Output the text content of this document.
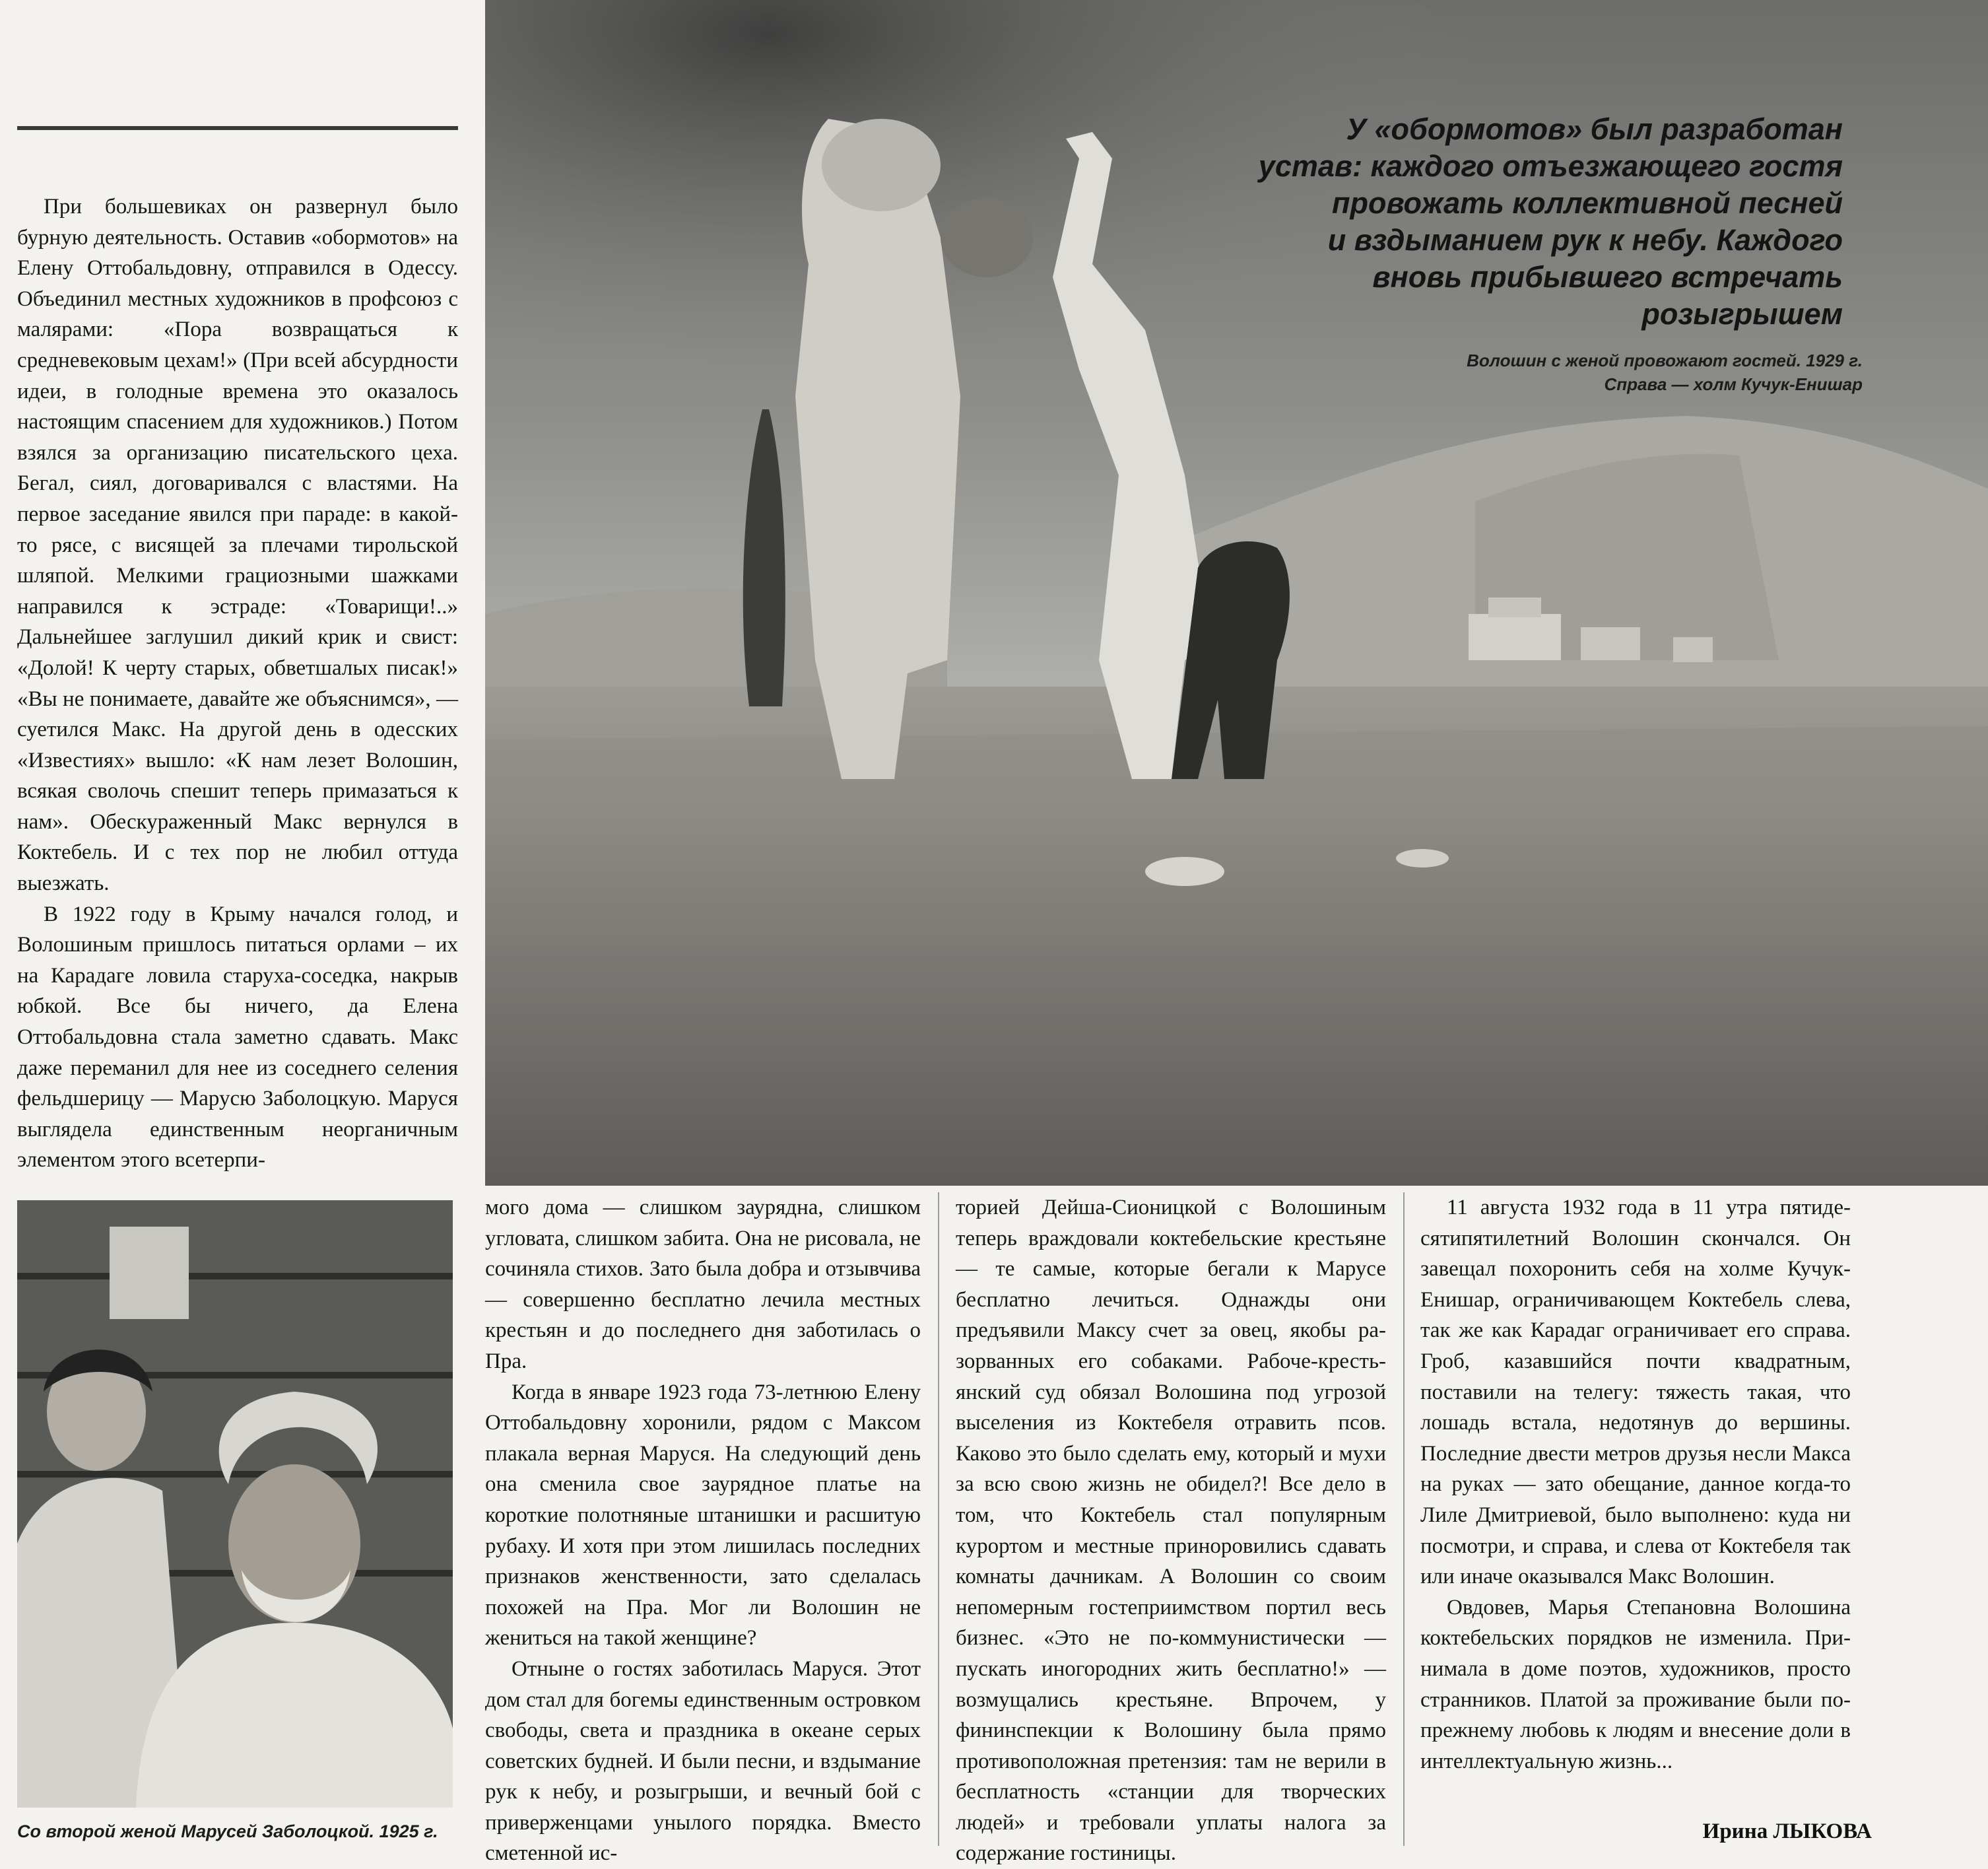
При большевиках он развернул было бурную деятельность. Оставив «обормотов» на Елену Оттобальдовну, отправился в Одессу. Объединил местных художников в профсоюз с малярами: «Пора возвращаться к средневековым цехам!» (При всей абсурдности идеи, в голодные времена это оказалось настоящим спасением для художников.) Потом взялся за организацию писательского цеха. Бегал, сиял, договаривался с властями. На первое заседание явился при параде: в какой-то рясе, с висящей за плечами тирольской шляпой. Мелкими грациозными шажками направился к эстраде: «Товарищи!..» Дальнейшее заглушил дикий крик и свист: «Долой! К черту старых, обветшалых писак!» «Вы не понимаете, давайте же объяснимся», — суетился Макс. На другой день в одесских «Известиях» вышло: «К нам лезет Волошин, всякая сволочь спешит теперь примазаться к нам». Обескураженный Макс вернулся в Коктебель. И с тех пор не любил оттуда выезжать.

В 1922 году в Крыму начался голод, и Волошиным пришлось питаться орлами – их на Карадаге ловила старуха-соседка, накрыв юбкой. Все бы ничего, да Елена Оттобальдовна стала заметно сдавать. Макс даже переманил для нее из соседнего селения фельдшерицу — Марусю Заболоцкую. Маруся выглядела единственным неорганичным элементом этого всетерпи-

У «обормотов» был разработан
устав: каждого отъезжающего гостя
провожать коллективной песней
и вздыманием рук к небу. Каждого
вновь прибывшего встречать
розыгрышем
Волошин с женой провожают гостей. 1929 г.
Справа — холм Кучук-Енишар
Со второй женой Марусей Заболоцкой. 1925 г.

мого дома — слишком заурядна, слишком угловата, слишком забита. Она не рисовала, не сочиняла стихов. Зато была добра и отзывчива — совершенно бесплатно лечила местных крестьян и до последнего дня заботилась о Пра.

Когда в январе 1923 года 73-летнюю Елену Оттобальдовну хоронили, рядом с Максом плакала верная Маруся. На следующий день она сменила свое заурядное платье на короткие полотняные штанишки и расшитую рубаху. И хотя при этом лишилась последних признаков женственности, зато сделалась похожей на Пра. Мог ли Волошин не жениться на такой женщине?

Отныне о гостях заботилась Маруся. Этот дом стал для богемы единственным островком свободы, света и праздника в океане серых советских будней. И были песни, и вздымание рук к небу, и розыгрыши, и вечный бой с приверженцами унылого порядка. Вместо сметенной ис-

торией Дейша-Сионицкой с Волошиным теперь враждовали коктебельские крестьяне — те самые, которые бегали к Марусе бесплатно лечиться. Однажды они предъявили Максу счет за овец, якобы разорванных его собаками. Рабоче-крестьянский суд обязал Волошина под угрозой выселения из Коктебеля отравить псов. Каково это было сделать ему, который и мухи за всю свою жизнь не обидел?! Все дело в том, что Коктебель стал популярным курортом и местные приноровились сдавать комнаты дачникам. А Волошин со своим непомерным гостеприимством портил весь бизнес. «Это не по-коммунистически — пускать иногородних жить бесплатно!» — возмущались крестьяне. Впрочем, у фининспекции к Волошину была прямо противоположная претензия: там не верили в бесплатность «станции для творческих людей» и требовали уплаты налога за содержание гостиницы.

11 августа 1932 года в 11 утра пятидесятипятилетний Волошин скончался. Он завещал похоронить себя на холме Кучук-Енишар, ограничивающем Коктебель слева, так же как Карадаг ограничивает его справа. Гроб, казавшийся почти квадратным, поставили на телегу: тяжесть такая, что лошадь встала, недотянув до вершины. Последние двести метров друзья несли Макса на руках — зато обещание, данное когда-то Лиле Дмитриевой, было выполнено: куда ни посмотри, и справа, и слева от Коктебеля так или иначе оказывался Макс Волошин.

Овдовев, Марья Степановна Волошина коктебельских порядков не изменила. Принимала в доме поэтов, художников, просто странников. Платой за проживание были по-прежнему любовь к людям и внесение доли в интеллектуальную жизнь...

Ирина ЛЫКОВА
